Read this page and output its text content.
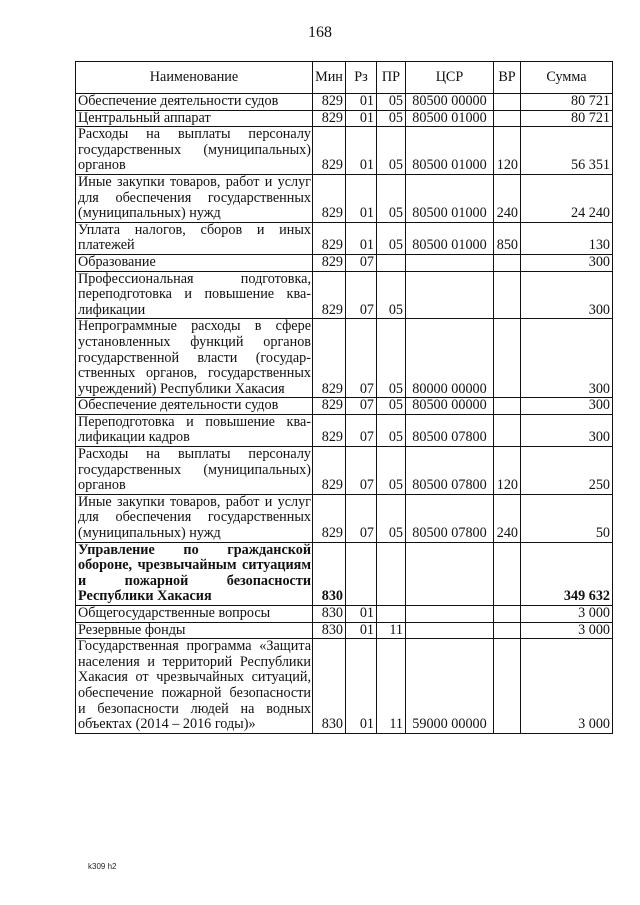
168
Наименование	Мин	Рз	ПР	ЦСР	ВР	Сумма
Обеспечение деятельности судов	829	01	05	80500 00000		80 721
Центральный аппарат	829	01	05	80500 01000		80 721
Расходы на выплаты персоналу государственных (муниципальных) органов	829	01	05	80500 01000	120	56 351
Иные закупки товаров, работ и услуг для обеспечения государственных (муниципальных) нужд	829	01	05	80500 01000	240	24 240
Уплата налогов, сборов и иных платежей	829	01	05	80500 01000	850	130
Образование	829	07				300
Профессиональная подготовка, переподготовка и повышение квалификации	829	07	05			300
Непрограммные расходы в сфере установленных функций органов государственной власти (государственных органов, государственных учреждений) Республики Хакасия	829	07	05	80000 00000		300
Обеспечение деятельности судов	829	07	05	80500 00000		300
Переподготовка и повышение квалификации кадров	829	07	05	80500 07800		300
Расходы на выплаты персоналу государственных (муниципальных) органов	829	07	05	80500 07800	120	250
Иные закупки товаров, работ и услуг для обеспечения государственных (муниципальных) нужд	829	07	05	80500 07800	240	50
Управление по гражданской обороне, чрезвычайным ситуациям и пожарной безопасности Республики Хакасия	830					349 632
Общегосударственные вопросы	830	01				3 000
Резервные фонды	830	01	11			3 000
Государственная программа «Защита населения и территорий Республики Хакасия от чрезвычайных ситуаций, обеспечение пожарной безопасности и безопасности людей на водных объектах (2014 – 2016 годы)»	830	01	11	59000 00000		3 000
k309 h2
